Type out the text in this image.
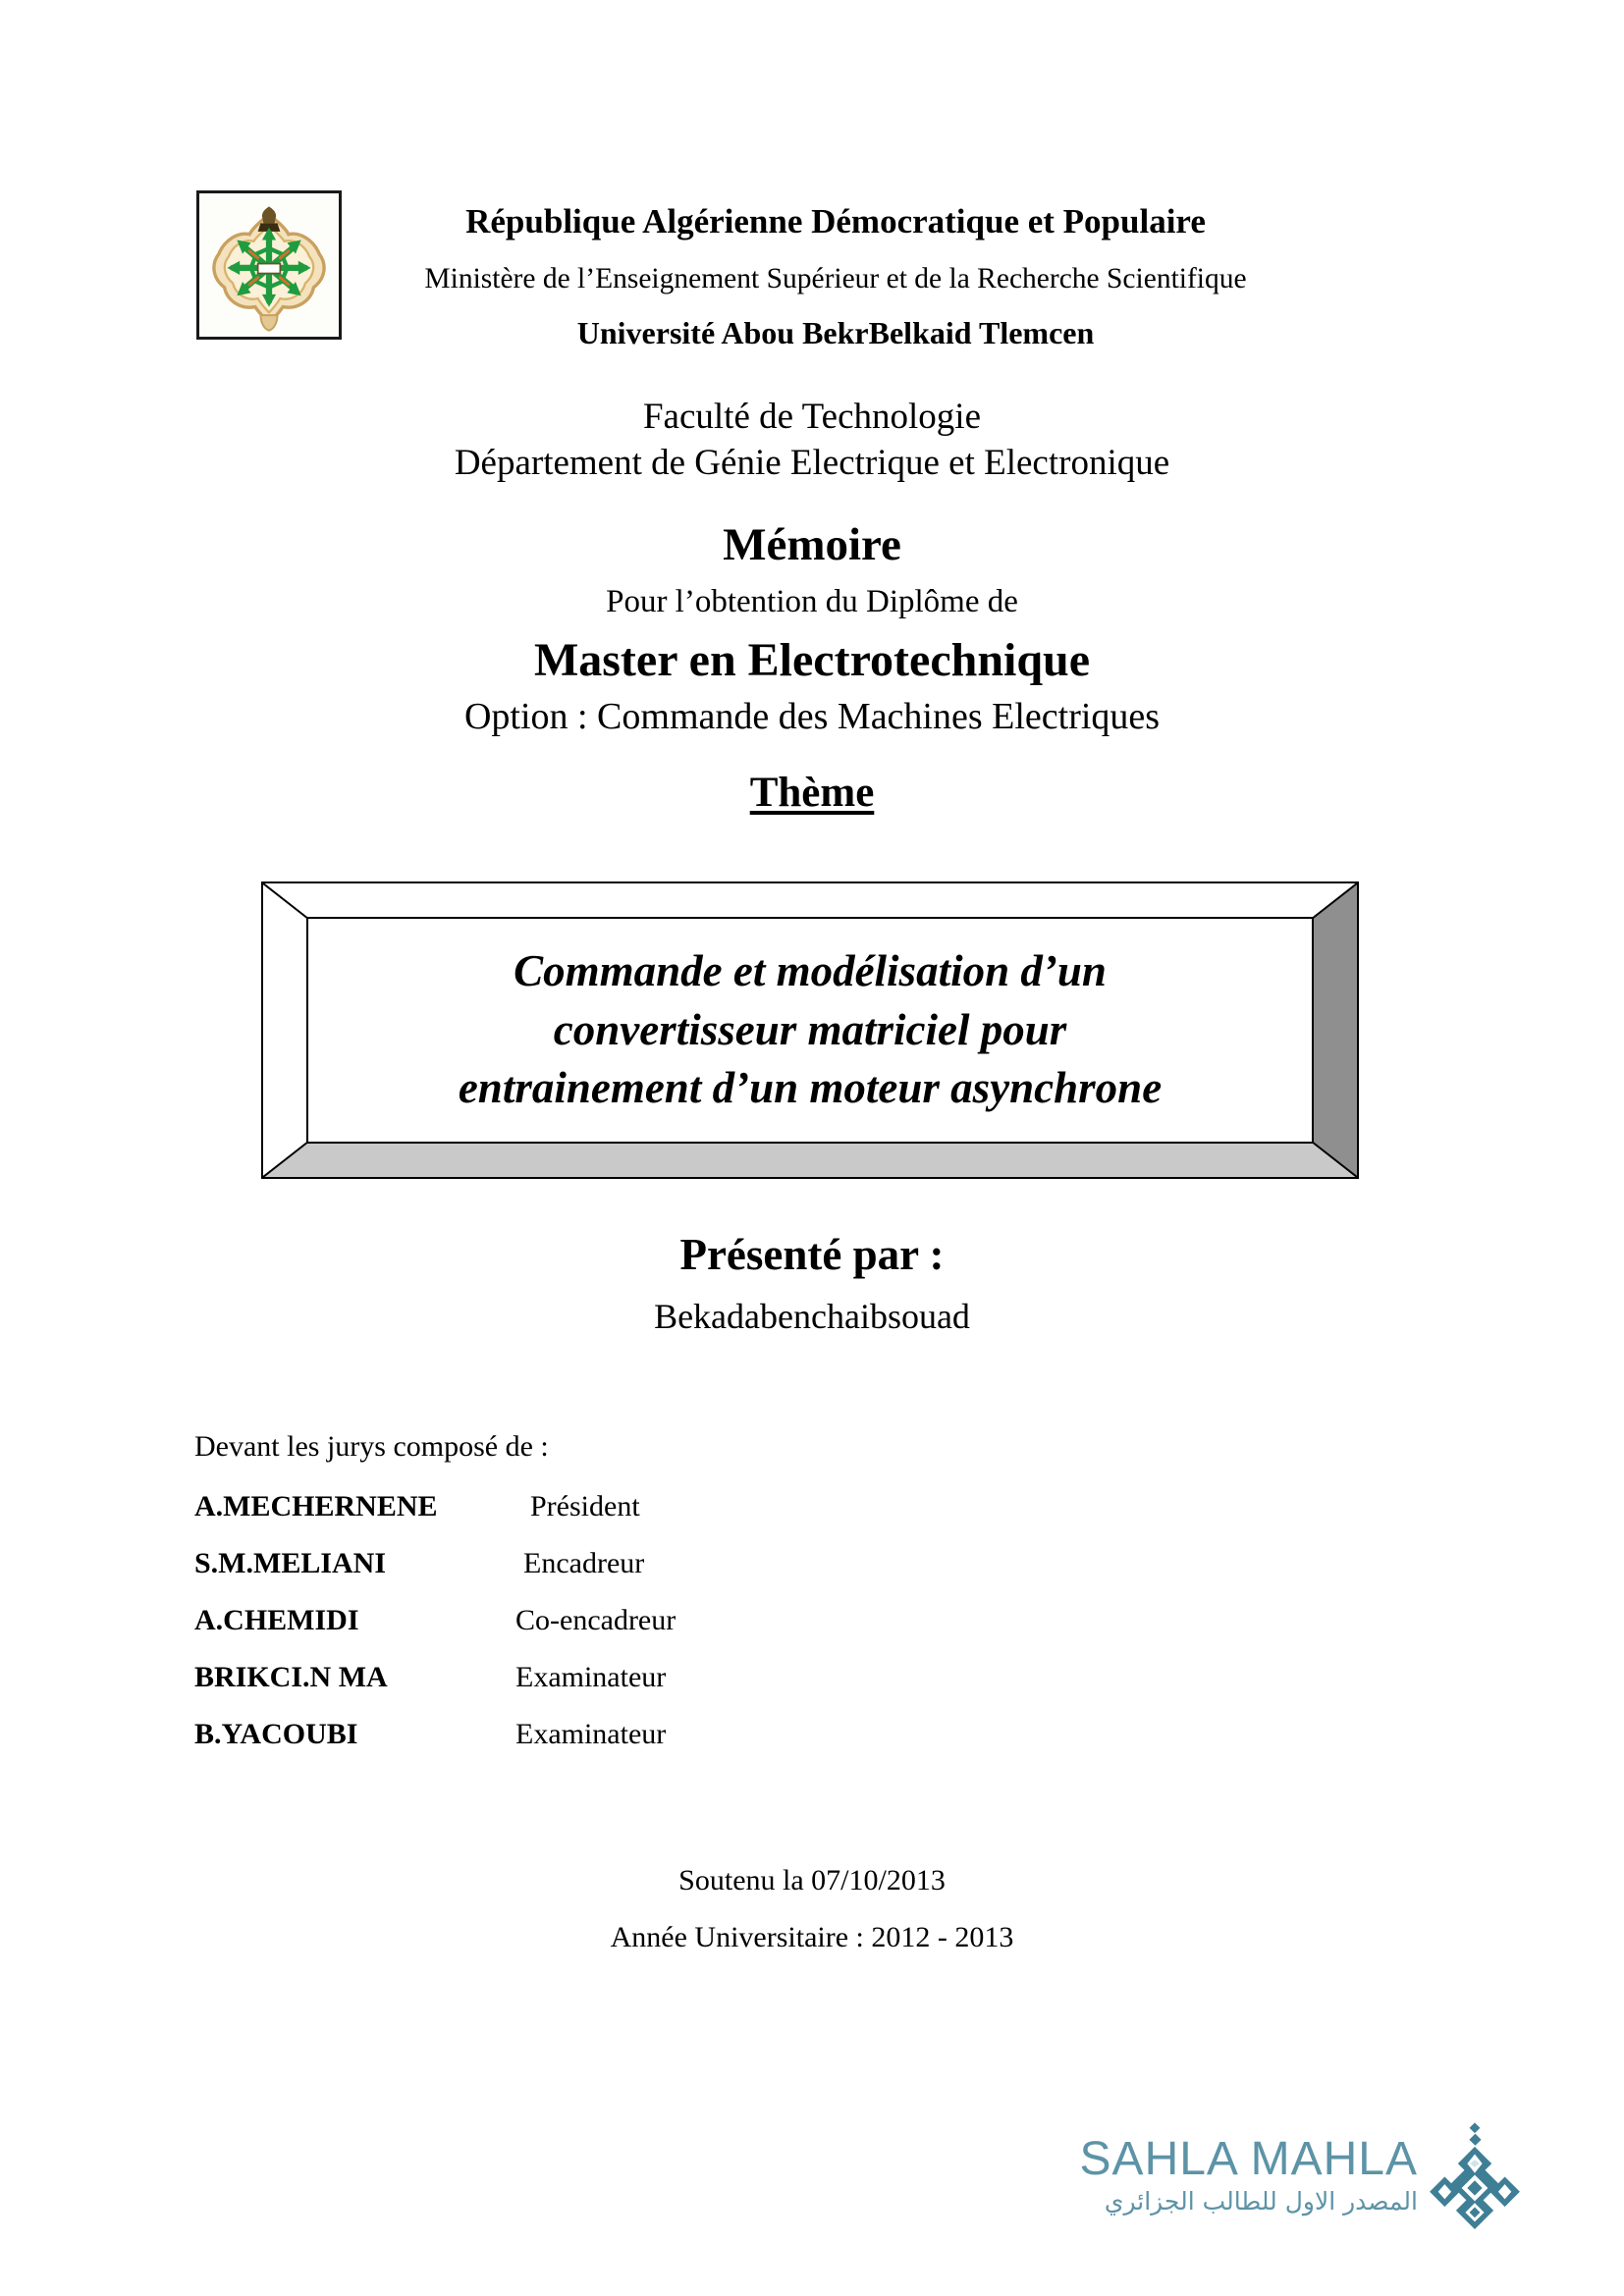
République Algérienne Démocratique et Populaire
Ministère de l’Enseignement Supérieur et de la Recherche Scientifique
Université Abou BekrBelkaid Tlemcen
Faculté de Technologie
Département de Génie Electrique et Electronique
Mémoire
Pour l’obtention du Diplôme de
Master en Electrotechnique
Option : Commande des Machines Electriques
Thème
Commande et modélisation d’un
convertisseur matriciel pour
entrainement d’un moteur asynchrone
Présenté par :
Bekadabenchaibsouad
Devant les jurys composé de :
A.MECHERNENE	Président
S.M.MELIANI	Encadreur
A.CHEMIDI	Co-encadreur
BRIKCI.N MA	Examinateur
B.YACOUBI	Examinateur
Soutenu la 07/10/2013
Année Universitaire : 2012 - 2013
SAHLA MAHLA
المصدر الاول للطالب الجزائري
